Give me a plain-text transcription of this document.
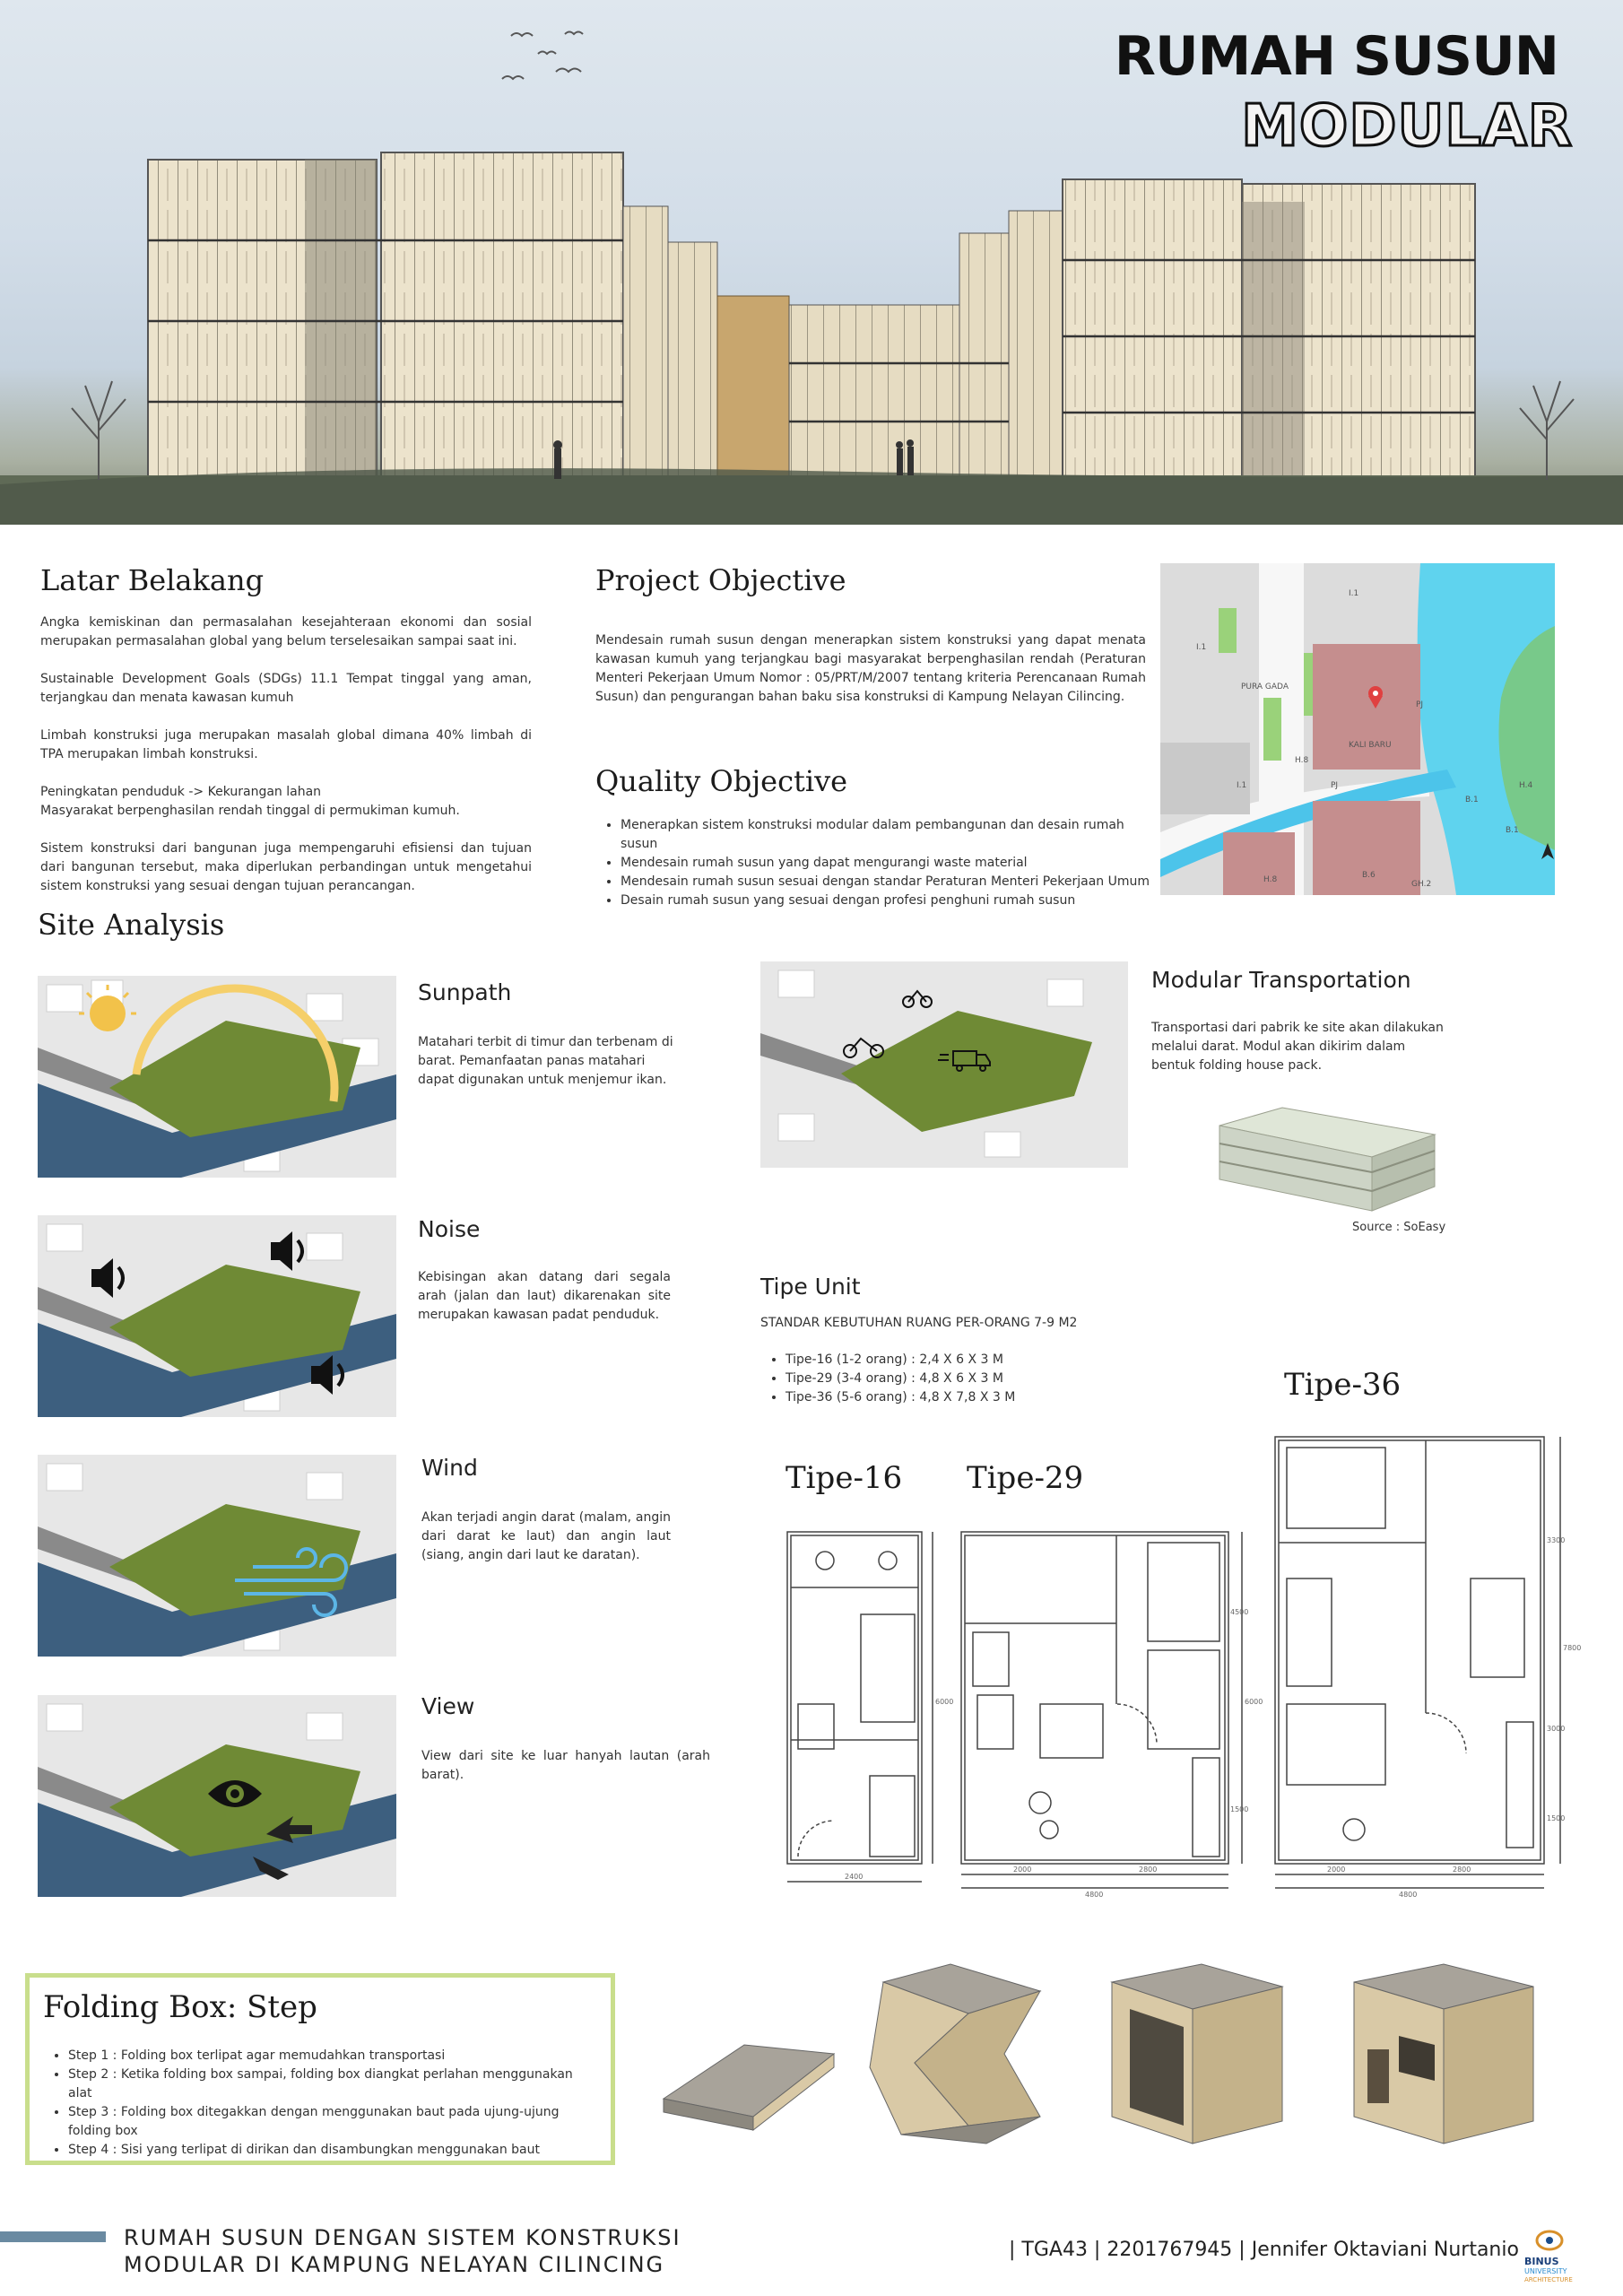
RUMAH SUSUN
MODULAR
Latar Belakang

Angka kemiskinan dan permasalahan kesejahteraan ekonomi dan sosial merupakan permasalahan global yang belum terselesaikan sampai saat ini.

Sustainable Development Goals (SDGs) 11.1 Tempat tinggal yang aman, terjangkau dan menata kawasan kumuh

Limbah konstruksi juga merupakan masalah global dimana 40% limbah di TPA merupakan limbah konstruksi.

Peningkatan penduduk -> Kekurangan lahan
Masyarakat berpenghasilan rendah tinggal di permukiman kumuh.

Sistem konstruksi dari bangunan juga mempengaruhi efisiensi dan tujuan dari bangunan tersebut, maka diperlukan perbandingan untuk mengetahui sistem konstruksi yang sesuai dengan tujuan perancangan.

Project Objective
Mendesain rumah susun dengan menerapkan sistem konstruksi yang dapat menata kawasan kumuh yang terjangkau bagi masyarakat berpenghasilan rendah (Peraturan Menteri Pekerjaan Umum Nomor : 05/PRT/M/2007 tentang kriteria Perencanaan Rumah Susun) dan pengurangan bahan baku sisa konstruksi di Kampung Nelayan Cilincing.
Quality Objective
• Menerapkan sistem konstruksi modular dalam pembangunan dan desain rumah susun
• Mendesain rumah susun yang dapat mengurangi waste material
• Mendesain rumah susun sesuai dengan standar Peraturan Menteri Pekerjaan Umum
• Desain rumah susun yang sesuai dengan profesi penghuni rumah susun
I.1
I.1
PURA GADA
PJ
H.8
I.1
KALI BARU
PJ
B.1
B.1
H.4
H.8	B.6
GH.2
Site Analysis
Sunpath
Matahari terbit di timur dan terbenam di barat. Pemanfaatan panas matahari dapat digunakan untuk menjemur ikan.
Noise
Kebisingan akan datang dari segala arah (jalan dan laut) dikarenakan site merupakan kawasan padat penduduk.
Wind
Akan terjadi angin darat (malam, angin dari darat ke laut) dan angin laut (siang, angin dari laut ke daratan).
View
View dari site ke luar hanyah lautan (arah barat).
Modular Transportation
Transportasi dari pabrik ke site akan dilakukan melalui darat. Modul akan dikirim dalam bentuk folding house pack.
Source : SoEasy
Tipe Unit
STANDAR KEBUTUHAN RUANG PER-ORANG 7-9 M2
• Tipe-16 (1-2 orang) : 2,4 X 6 X 3 M
• Tipe-29 (3-4 orang) : 4,8 X 6 X 3 M
• Tipe-36 (5-6 orang) : 4,8 X 7,8 X 3 M
Tipe-16 Tipe-29
Tipe-36
2400
6000
2000	2800
4800
4500
6000
1500
2000	2800
4800
3300
7800
3000
1500
Folding Box: Step
• Step 1 : Folding box terlipat agar memudahkan transportasi
• Step 2 : Ketika folding box sampai, folding box diangkat perlahan menggunakan alat
• Step 3 : Folding box ditegakkan dengan menggunakan baut pada ujung-ujung folding box
• Step 4 : Sisi yang terlipat di dirikan dan disambungkan menggunakan baut
RUMAH SUSUN DENGAN SISTEM KONSTRUKSI
MODULAR DI KAMPUNG NELAYAN CILINCING
| TGA43 | 2201767945 | Jennifer Oktaviani Nurtanio
BINUS
UNIVERSITY
ARCHITECTURE
